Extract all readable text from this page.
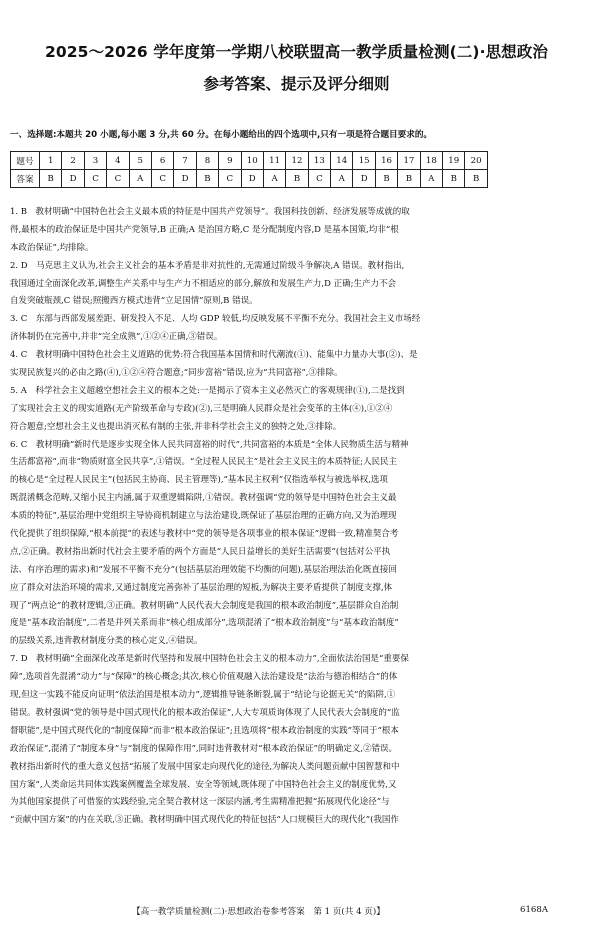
2025～2026 学年度第一学期八校联盟高一教学质量检测(二)·思想政治
参考答案、提示及评分细则
一、选择题:本题共 20 小题,每小题 3 分,共 60 分。在每小题给出的四个选项中,只有一项是符合题目要求的。
题号	1	2	3	4	5	6	7	8	9	10	11	12	13	14	15	16	17	18	19	20
答案	B	D	C	C	A	C	D	B	C	D	A	B	C	A	D	B	B	A	B	B
1. B　教材明确“中国特色社会主义最本质的特征是中国共产党领导”。我国科技创新、经济发展等成就的取
得,最根本的政治保证是中国共产党领导,B 正确;A 是治国方略,C 是分配制度内容,D 是基本国策,均非“根
本政治保证”,均排除。
2. D　马克思主义认为,社会主义社会的基本矛盾是非对抗性的,无需通过阶级斗争解决,A 错误。教材指出,
我国通过全面深化改革,调整生产关系中与生产力不相适应的部分,解放和发展生产力,D 正确;生产力不会
自发突破瓶颈,C 错误;照搬西方模式违背“立足国情”原则,B 错误。
3. C　东部与西部发展差距、研发投入不足、人均 GDP 较低,均反映发展不平衡不充分。我国社会主义市场经
济体制仍在完善中,并非“完全成熟”,①②④正确,③错误。
4. C　教材明确中国特色社会主义道路的优势:符合我国基本国情和时代潮流(①)、能集中力量办大事(②)、是
实现民族复兴的必由之路(④),①②④符合题意;“同步富裕”错误,应为“共同富裕”,③排除。
5. A　科学社会主义超越空想社会主义的根本之处:一是揭示了资本主义必然灭亡的客观规律(①),二是找到
了实现社会主义的现实道路(无产阶级革命与专政)(②),三是明确人民群众是社会变革的主体(④),①②④
符合题意;空想社会主义也提出消灭私有制的主张,并非科学社会主义的独特之处,③排除。
6. C　教材明确“新时代是逐步实现全体人民共同富裕的时代”,共同富裕的本质是“全体人民物质生活与精神
生活都富裕”,而非“物质财富全民共享”,①错误。“全过程人民民主”是社会主义民主的本质特征;人民民主
的核心是“全过程人民民主”(包括民主协商、民主管理等),“基本民主权利”仅指选举权与被选举权,选项
既混淆概念范畴,又缩小民主内涵,属于双重逻辑陷阱,①错误。教材强调“党的领导是中国特色社会主义最
本质的特征”,基层治理中党组织主导协商机制建立与法治建设,既保证了基层治理的正确方向,又为治理现
代化提供了组织保障,“根本前提”的表述与教材中“党的领导是各项事业的根本保证”逻辑一致,精准契合考
点,②正确。教材指出新时代社会主要矛盾的两个方面是“人民日益增长的美好生活需要”(包括对公平执
法、有序治理的需求)和“发展不平衡不充分”(包括基层治理效能不均衡的问题),基层治理法治化既直接回
应了群众对法治环境的需求,又通过制度完善弥补了基层治理的短板,为解决主要矛盾提供了制度支撑,体
现了“两点论”的教材逻辑,③正确。教材明确“人民代表大会制度是我国的根本政治制度”,基层群众自治制
度是“基本政治制度”,二者是并列关系而非“核心组成部分”,选项混淆了“根本政治制度”与“基本政治制度”
的层级关系,违背教材制度分类的核心定义,④错误。
7. D　教材明确“全面深化改革是新时代坚持和发展中国特色社会主义的根本动力”,全面依法治国是“重要保
障”,选项首先混淆“动力”与“保障”的核心概念;其次,核心价值观融入法治建设是“法治与德治相结合”的体
现,但这一实践不能反向证明“依法治国是根本动力”,逻辑推导链条断裂,属于“结论与论据无关”的陷阱,①
错误。教材强调“党的领导是中国式现代化的根本政治保证”,人大专项质询体现了人民代表大会制度的“监
督职能”,是中国式现代化的“制度保障”而非“根本政治保证”;且选项将“根本政治制度的实践”等同于“根本
政治保证”,混淆了“制度本身”与“制度的保障作用”,同时违背教材对“根本政治保证”的明确定义,②错误。
教材指出新时代的重大意义包括“拓展了发展中国家走向现代化的途径,为解决人类问题贡献中国智慧和中
国方案”,人类命运共同体实践案例覆盖全球发展、安全等领域,既体现了中国特色社会主义的制度优势,又
为其他国家提供了可借鉴的实践经验,完全契合教材这一深层内涵,考生需精准把握“拓展现代化途径”与
“贡献中国方案”的内在关联,③正确。教材明确中国式现代化的特征包括“人口规模巨大的现代化”(我国作
【高一教学质量检测(二)·思想政治卷参考答案　第 1 页(共 4 页)】	6168A
